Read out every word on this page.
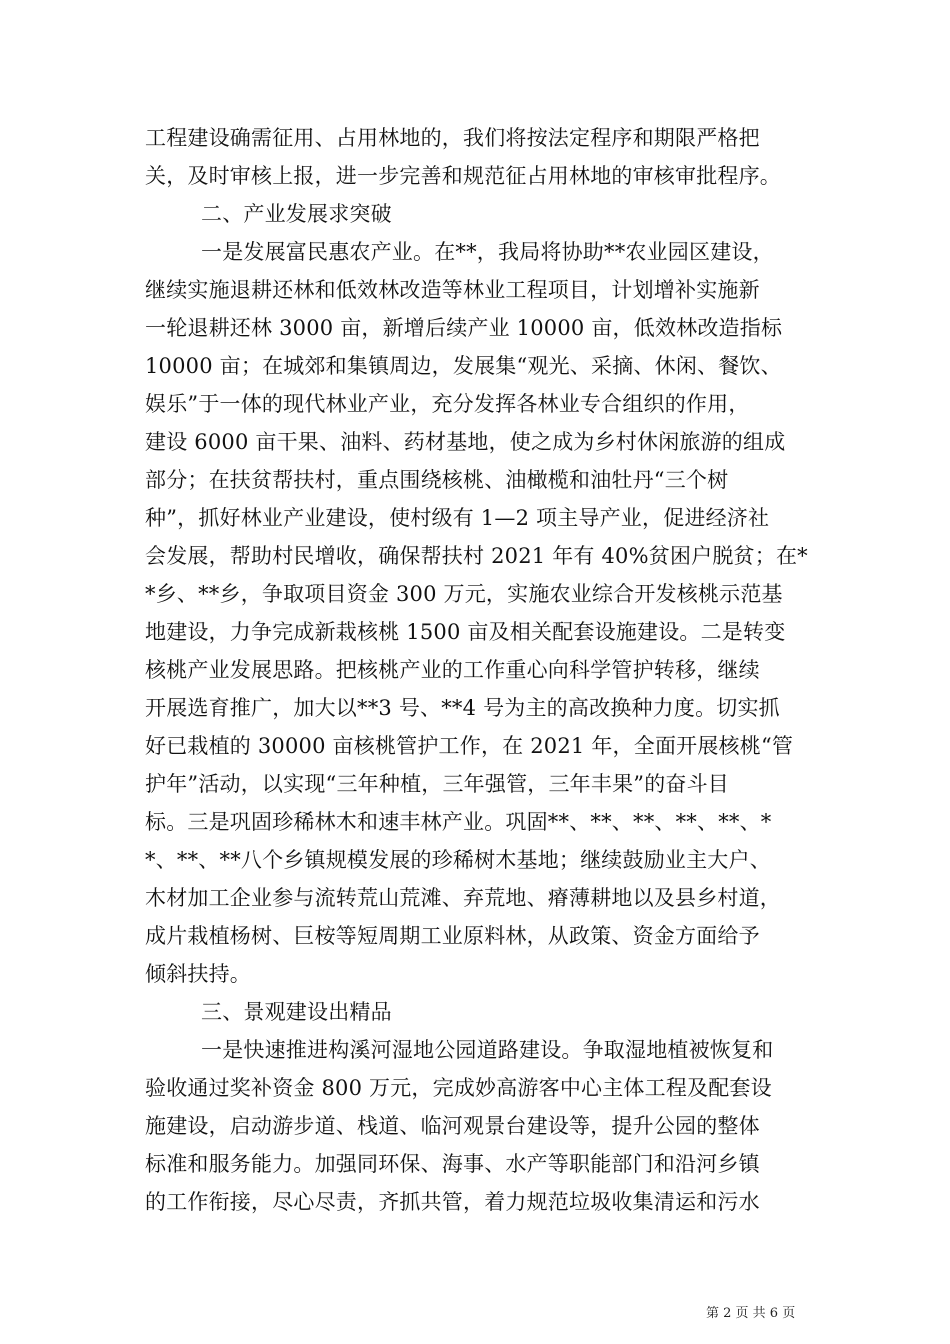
工程建设确需征用、占用林地的，我们将按法定程序和期限严格把
关，及时审核上报，进一步完善和规范征占用林地的审核审批程序。
二、产业发展求突破
一是发展富民惠农产业。在**，我局将协助**农业园区建设，
继续实施退耕还林和低效林改造等林业工程项目，计划增补实施新
一轮退耕还林 3000 亩，新增后续产业 10000 亩，低效林改造指标
10000 亩；在城郊和集镇周边，发展集“观光、采摘、休闲、餐饮、
娱乐”于一体的现代林业产业，充分发挥各林业专合组织的作用，
建设 6000 亩干果、油料、药材基地，使之成为乡村休闲旅游的组成
部分；在扶贫帮扶村，重点围绕核桃、油橄榄和油牡丹“三个树
种”，抓好林业产业建设，使村级有 1—2 项主导产业，促进经济社
会发展，帮助村民增收，确保帮扶村 2021 年有 40%贫困户脱贫；在*
*乡、**乡，争取项目资金 300 万元，实施农业综合开发核桃示范基
地建设，力争完成新栽核桃 1500 亩及相关配套设施建设。二是转变
核桃产业发展思路。把核桃产业的工作重心向科学管护转移，继续
开展选育推广，加大以**3 号、**4 号为主的高改换种力度。切实抓
好已栽植的 30000 亩核桃管护工作，在 2021 年，全面开展核桃“管
护年”活动，以实现“三年种植，三年强管，三年丰果”的奋斗目
标。三是巩固珍稀林木和速丰林产业。巩固**、**、**、**、**、*
*、**、**八个乡镇规模发展的珍稀树木基地；继续鼓励业主大户、
木材加工企业参与流转荒山荒滩、弃荒地、瘠薄耕地以及县乡村道，
成片栽植杨树、巨桉等短周期工业原料林，从政策、资金方面给予
倾斜扶持。
三、景观建设出精品
一是快速推进构溪河湿地公园道路建设。争取湿地植被恢复和
验收通过奖补资金 800 万元，完成妙高游客中心主体工程及配套设
施建设，启动游步道、栈道、临河观景台建设等，提升公园的整体
标准和服务能力。加强同环保、海事、水产等职能部门和沿河乡镇
的工作衔接，尽心尽责，齐抓共管，着力规范垃圾收集清运和污水
第 2 页 共 6 页
